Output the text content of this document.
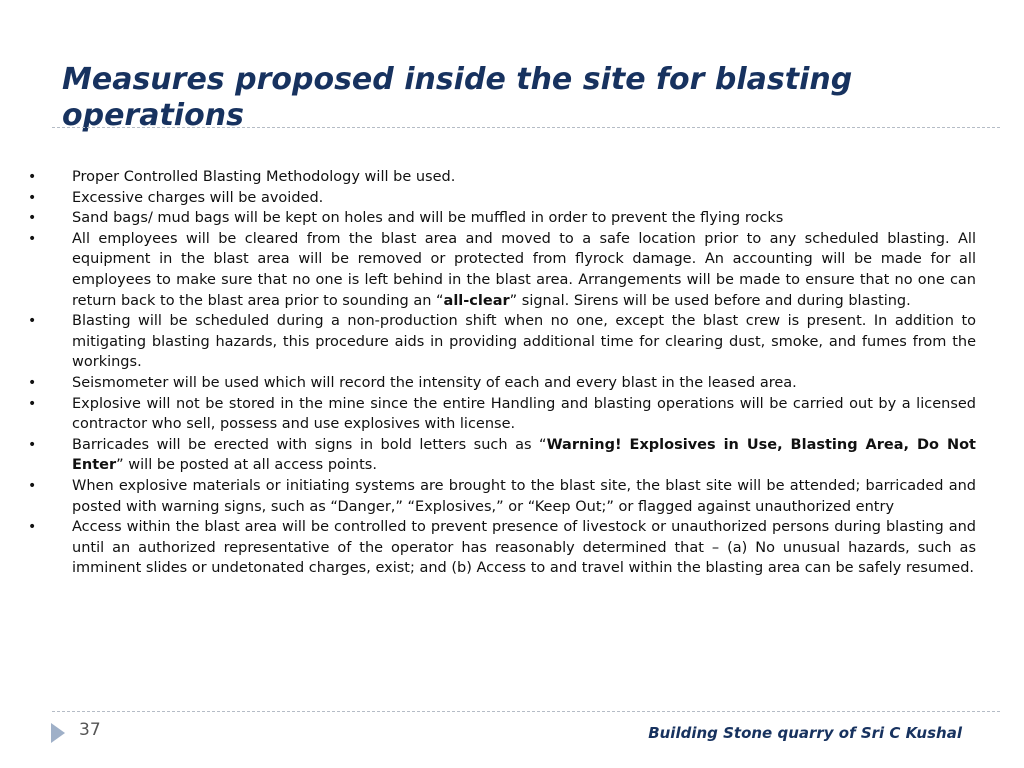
Measures proposed inside the site for blasting operations
•	Proper Controlled Blasting Methodology will be used.
•	Excessive charges will be avoided.
•	Sand bags/ mud bags will be kept on holes and will be muffled in order to prevent the flying rocks
•	All employees will be cleared from the blast area and moved to a safe location prior to any scheduled blasting. All equipment in the blast area will be removed or protected from flyrock damage. An accounting will be made for all employees to make sure that no one is left behind in the blast area. Arrangements will be made to ensure that no one can return back to the blast area prior to sounding an “all-clear” signal. Sirens will be used before and during blasting.
•	Blasting will be scheduled during a non-production shift when no one, except the blast crew is present. In addition to mitigating blasting hazards, this procedure aids in providing additional time for clearing dust, smoke, and fumes from the workings.
•	Seismometer will be used which will record the intensity of each and every blast in the leased area.
•	Explosive will not be stored in the mine since the entire Handling and blasting operations will be carried out by a licensed contractor who sell, possess and use explosives with license.
•	Barricades will be erected with signs in bold letters such as “Warning! Explosives in Use, Blasting Area, Do Not Enter” will be posted at all access points.
•	When explosive materials or initiating systems are brought to the blast site, the blast site will be attended; barricaded and posted with warning signs, such as “Danger,” “Explosives,” or “Keep Out;” or flagged against unauthorized entry
•	Access within the blast area will be controlled to prevent presence of livestock or unauthorized persons during blasting and until an authorized representative of the operator has reasonably determined that – (a) No unusual hazards, such as imminent slides or undetonated charges, exist; and (b) Access to and travel within the blasting area can be safely resumed.
37	Building Stone quarry of Sri C Kushal
